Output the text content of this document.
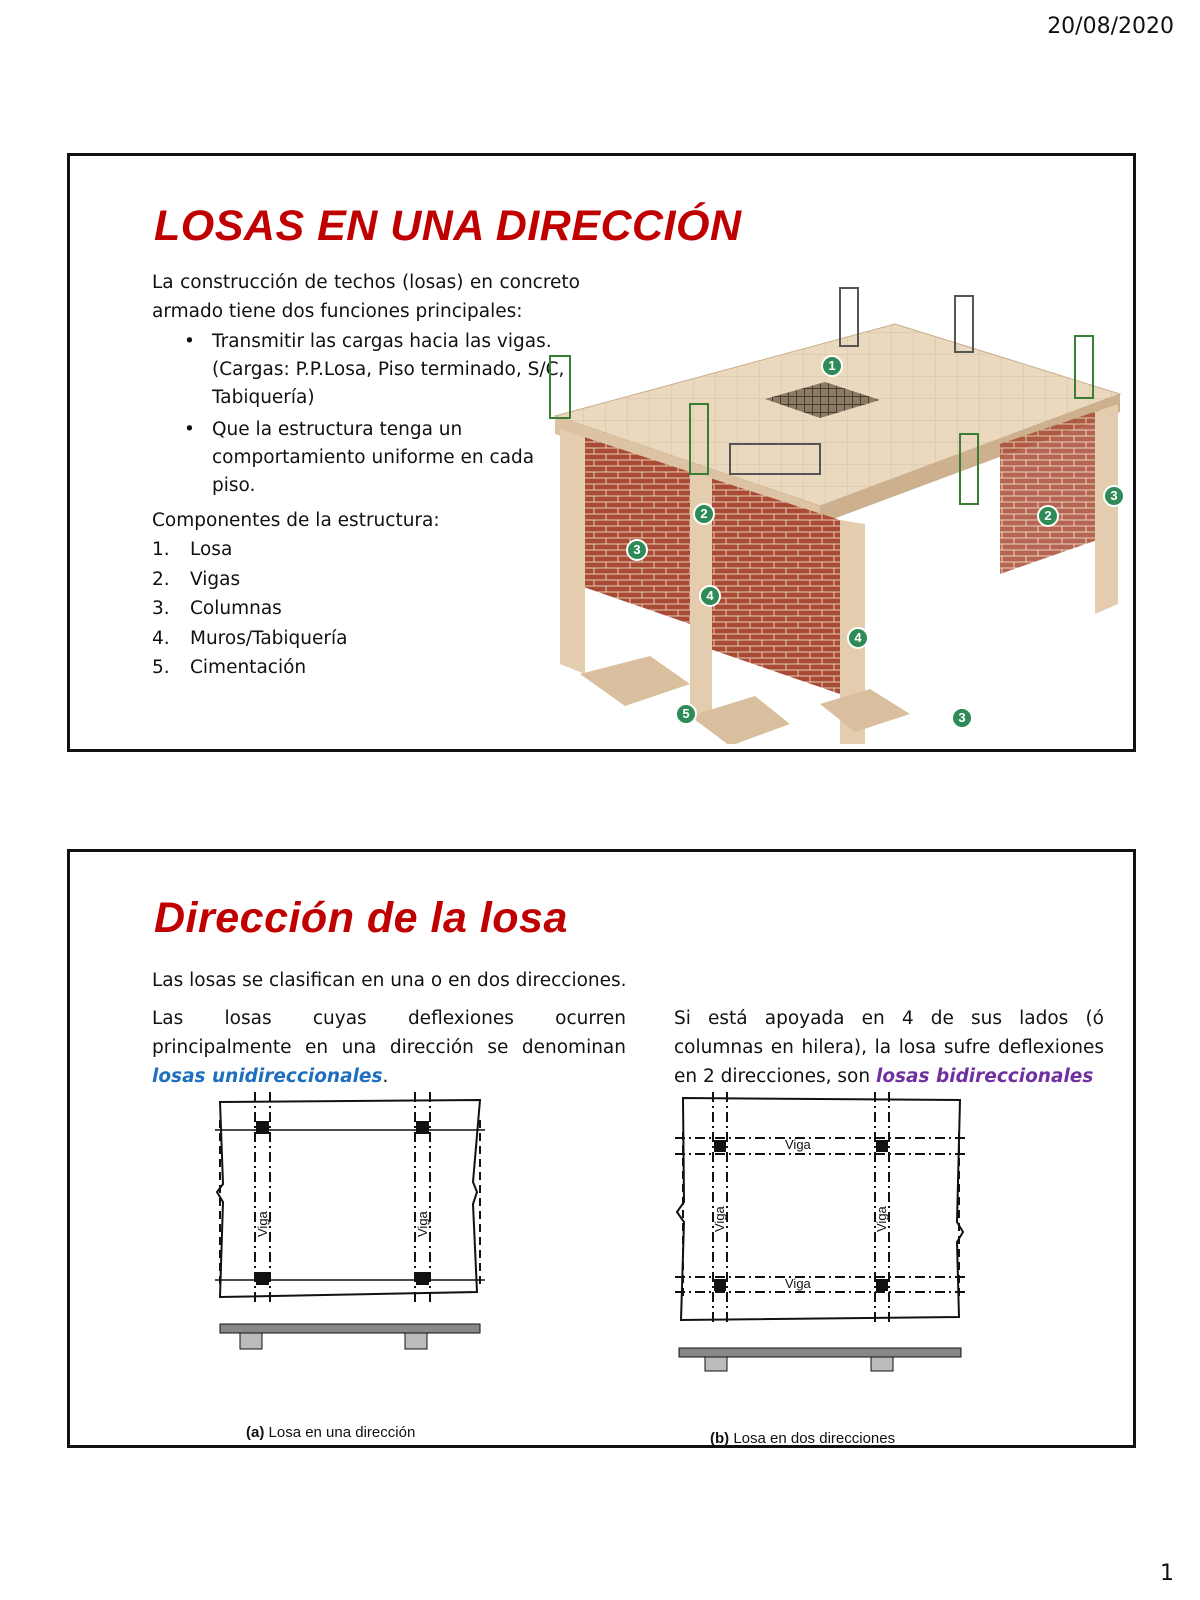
20/08/2020
LOSAS EN UNA DIRECCIÓN

La construcción de techos (losas) en concreto armado tiene dos funciones principales:

• Transmitir las cargas hacia las vigas. (Cargas: P.P.Losa, Piso terminado, S/C, Tabiquería)
• Que la estructura tenga un comportamiento uniforme en cada piso.

Componentes de la estructura:

1.	Losa
2.	Vigas
3.	Columnas
4.	Muros/Tabiquería
5.	Cimentación
1
2	2
3
3
3
4
4
5
Dirección de la losa

Las losas se clasifican en una o en dos direcciones.

Las losas cuyas deflexiones ocurren principalmente en una dirección se denominan losas unidireccionales.

Si está apoyada en 4 de sus lados (ó columnas en hilera), la losa sufre deflexiones en 2 direcciones, son losas bidireccionales

Viga	Viga
(a) Losa en una dirección
Viga
Viga
Viga	Viga
(b) Losa en dos direcciones
1
